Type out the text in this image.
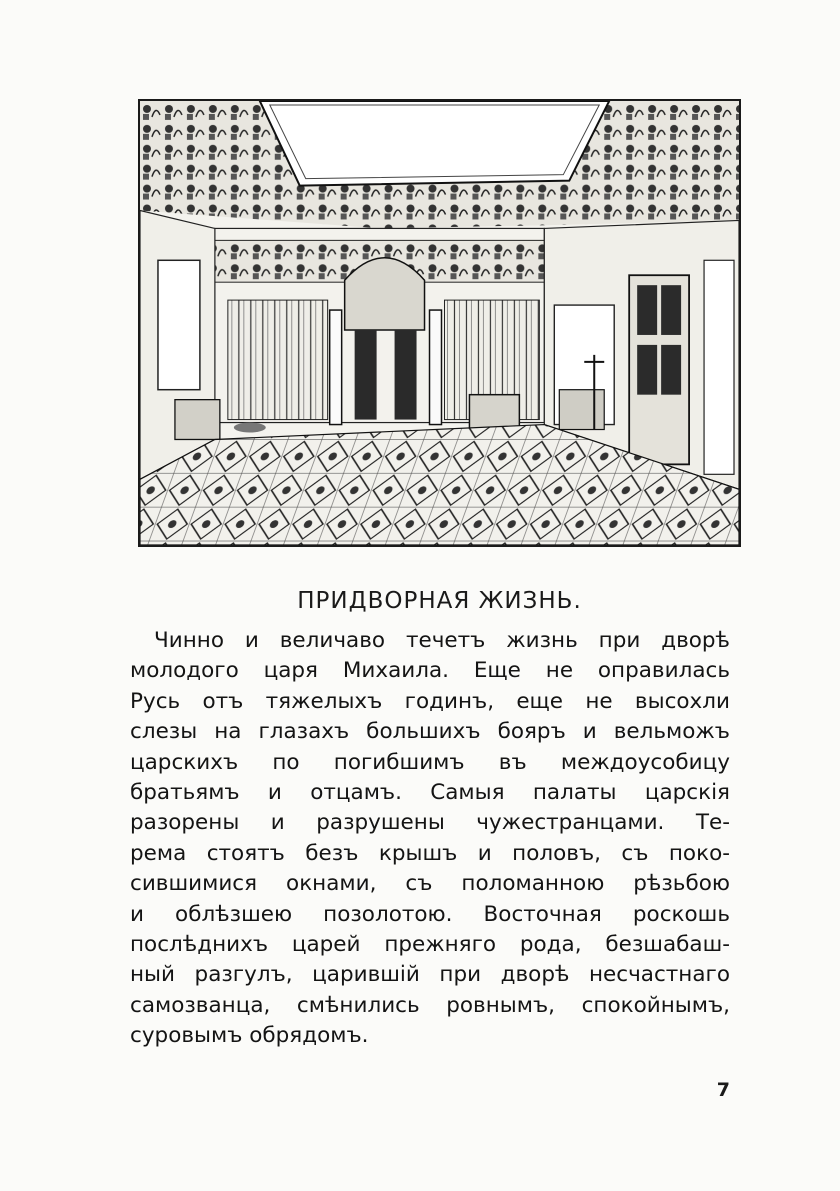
ПРИДВОРНАЯ ЖИЗНЬ.

Чинно и величаво течетъ жизнь при дворѣ
молодого царя Михаила. Еще не оправилась
Русь отъ тяжелыхъ годинъ, еще не высохли
слезы на глазахъ большихъ бояръ и вельможъ
царскихъ по погибшимъ въ междоусобицу
братьямъ и отцамъ. Самыя палаты царскія
разорены и разрушены чужестранцами. Те-
рема стоятъ безъ крышъ и половъ, съ поко-
сившимися окнами, съ поломанною рѣзьбою
и облѣзшею позолотою. Восточная роскошь
послѣднихъ царей прежняго рода, безшабаш-
ный разгулъ, царившій при дворѣ несчастнаго
самозванца, смѣнились ровнымъ, спокойнымъ,
суровымъ обрядомъ.

7
